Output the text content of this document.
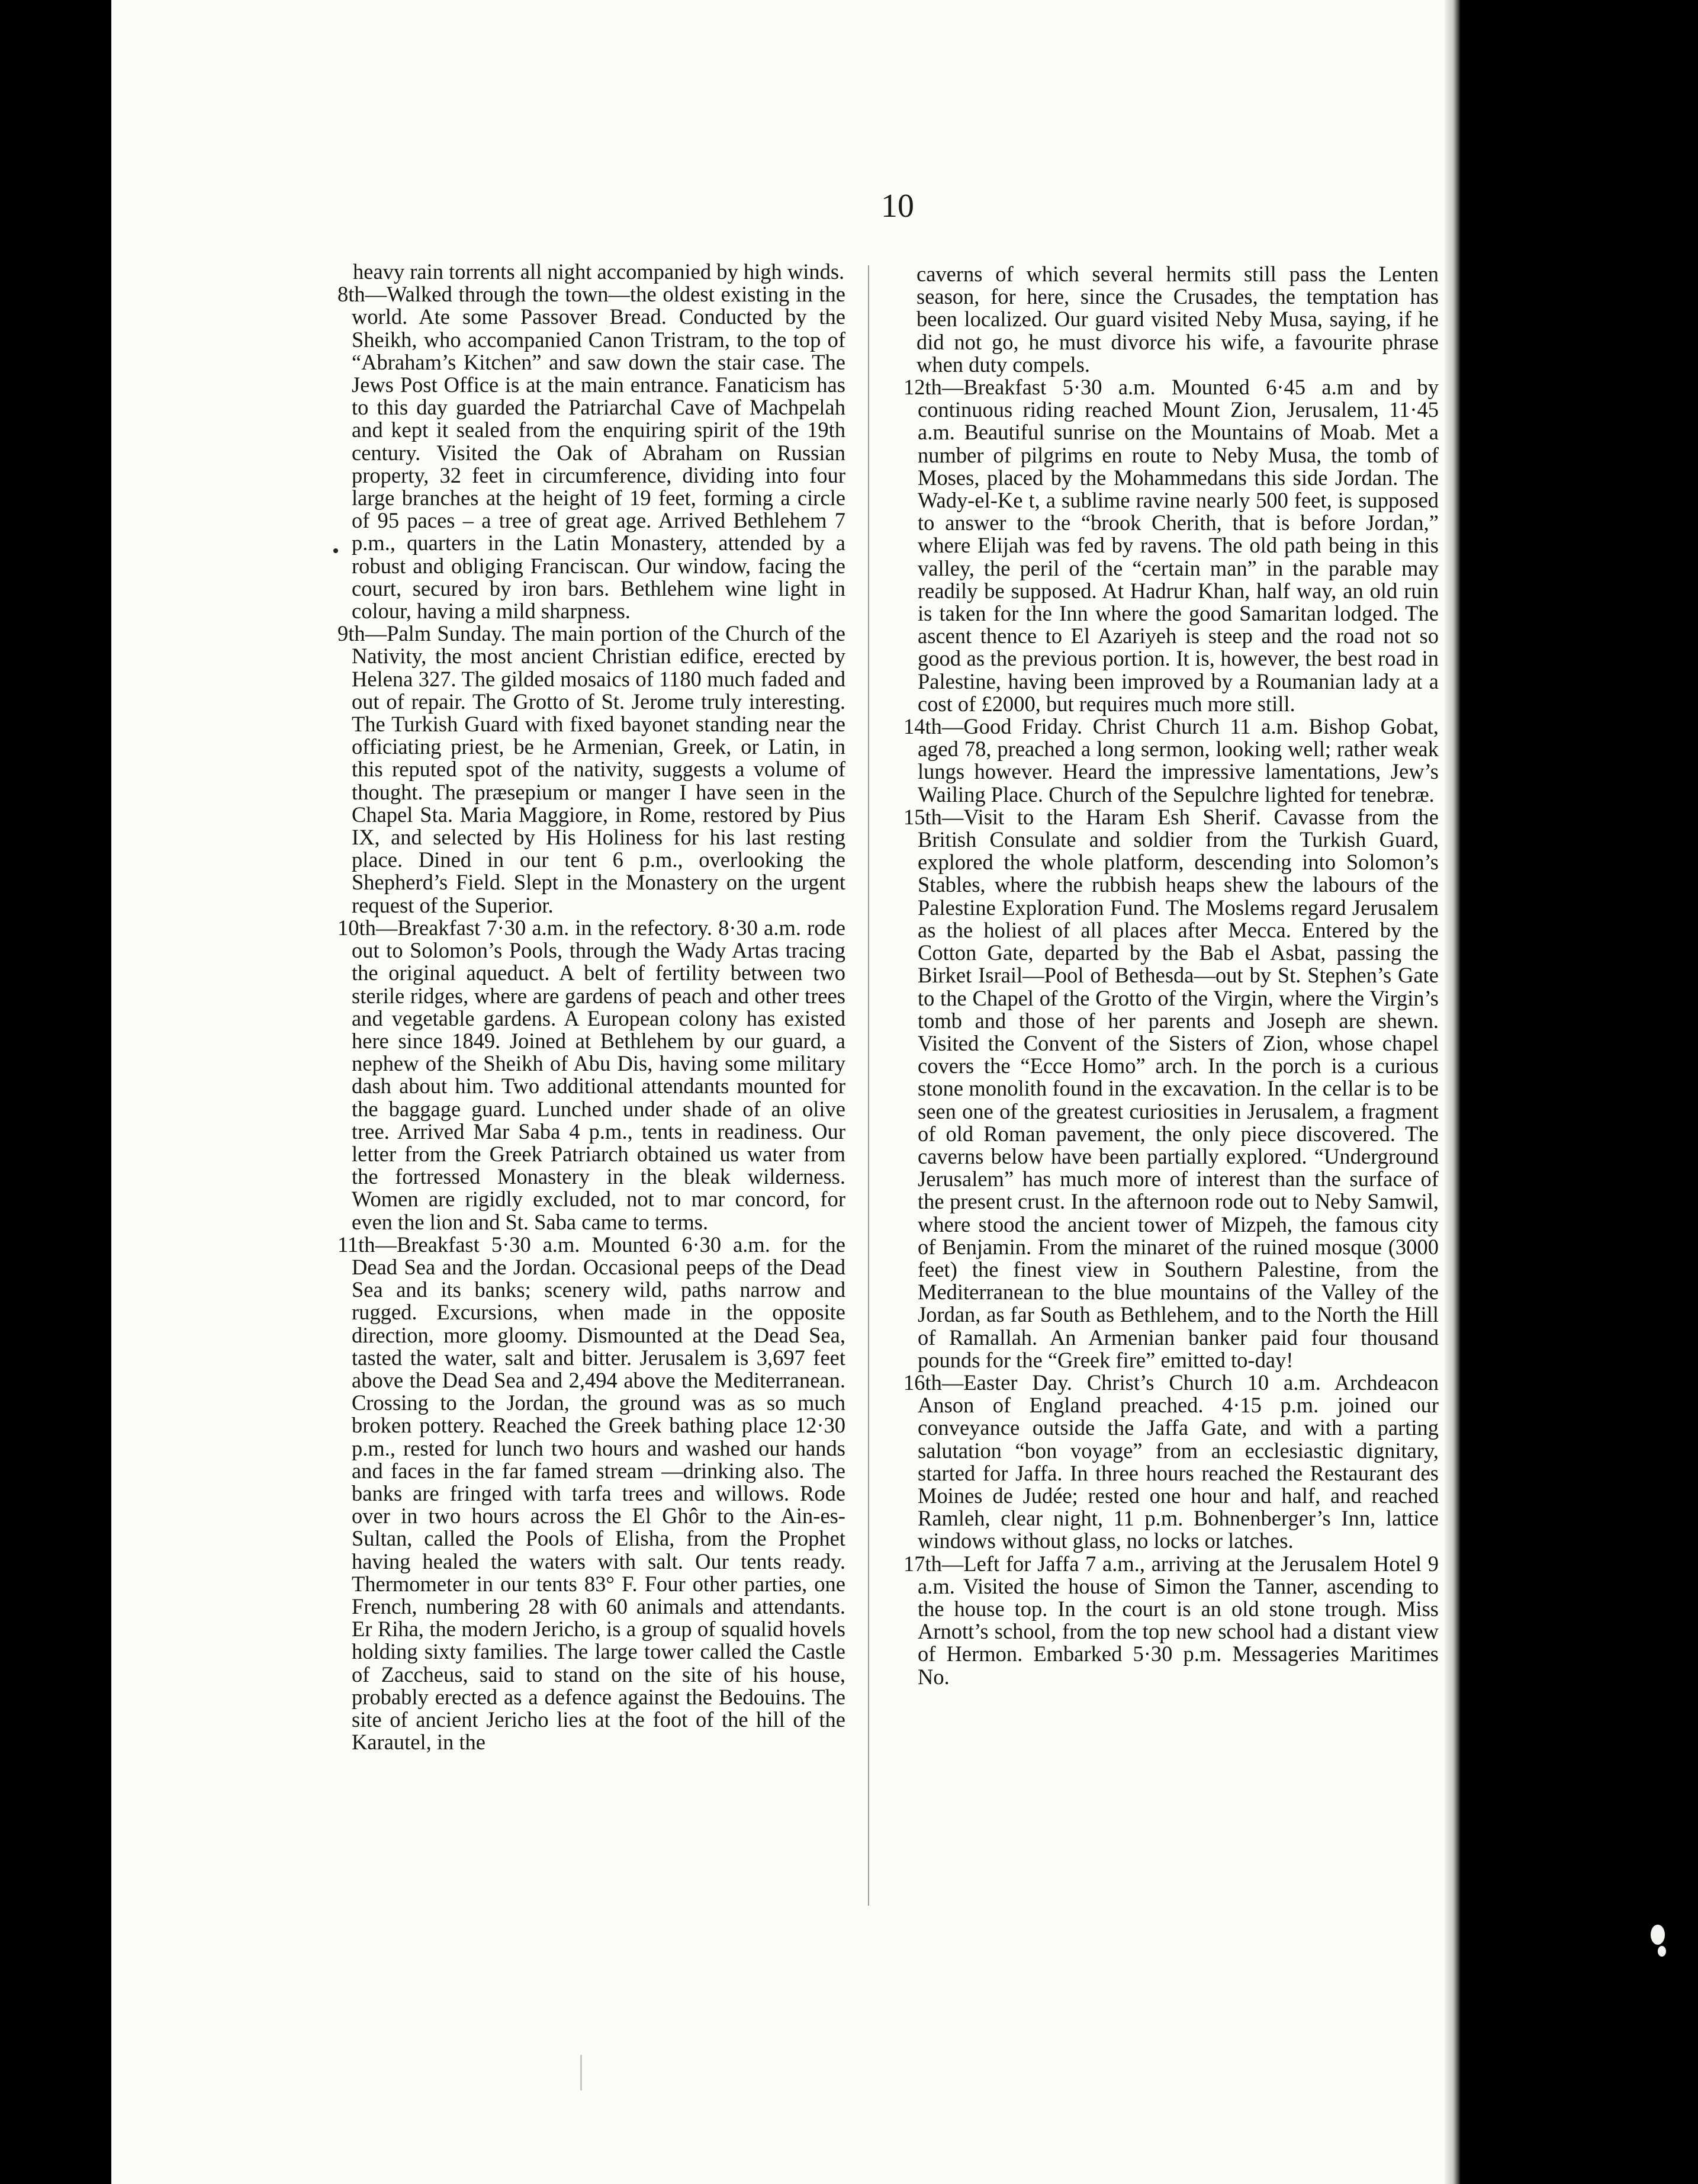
10

heavy rain torrents all night accompanied by high winds.

8th—Walked through the town—the oldest existing in the world. Ate some Passover Bread. Conducted by the Sheikh, who accompanied Canon Tristram, to the top of “Abraham’s Kitchen” and saw down the stair case. The Jews Post Office is at the main entrance. Fanaticism has to this day guarded the Patriarchal Cave of Machpelah and kept it sealed from the enquiring spirit of the 19th century. Visited the Oak of Abraham on Russian property, 32 feet in circumference, dividing into four large branches at the height of 19 feet, forming a circle of 95 paces – a tree of great age. Arrived Bethlehem 7 p.m., quarters in the Latin Monastery, attended by a robust and obliging Franciscan. Our window, facing the court, secured by iron bars. Bethlehem wine light in colour, having a mild sharpness.

9th—Palm Sunday. The main portion of the Church of the Nativity, the most ancient Christian edifice, erected by Helena 327. The gilded mosaics of 1180 much faded and out of repair. The Grotto of St. Jerome truly interesting. The Turkish Guard with fixed bayonet standing near the officiating priest, be he Armenian, Greek, or Latin, in this reputed spot of the nativity, suggests a volume of thought. The præsepium or manger I have seen in the Chapel Sta. Maria Maggiore, in Rome, restored by Pius IX, and selected by His Holiness for his last resting place. Dined in our tent 6 p.m., overlooking the Shepherd’s Field. Slept in the Monastery on the urgent request of the Superior.

10th—Breakfast 7·30 a.m. in the refectory. 8·30 a.m. rode out to Solomon’s Pools, through the Wady Artas tracing the original aqueduct. A belt of fertility between two sterile ridges, where are gardens of peach and other trees and vegetable gardens. A European colony has existed here since 1849. Joined at Bethlehem by our guard, a nephew of the Sheikh of Abu Dis, having some military dash about him. Two additional attendants mounted for the baggage guard. Lunched under shade of an olive tree. Arrived Mar Saba 4 p.m., tents in readiness. Our letter from the Greek Patriarch obtained us water from the fortressed Monastery in the bleak wilderness. Women are rigidly excluded, not to mar concord, for even the lion and St. Saba came to terms.

11th—Breakfast 5·30 a.m. Mounted 6·30 a.m. for the Dead Sea and the Jordan. Occasional peeps of the Dead Sea and its banks; scenery wild, paths narrow and rugged. Excursions, when made in the opposite direction, more gloomy. Dismounted at the Dead Sea, tasted the water, salt and bitter. Jerusalem is 3,697 feet above the Dead Sea and 2,494 above the Mediterranean. Crossing to the Jordan, the ground was as so much broken pottery. Reached the Greek bathing place 12·30 p.m., rested for lunch two hours and washed our hands and faces in the far famed stream —drinking also. The banks are fringed with tarfa trees and willows. Rode over in two hours across the El Ghôr to the Ain-es-Sultan, called the Pools of Elisha, from the Prophet having healed the waters with salt. Our tents ready. Thermometer in our tents 83° F. Four other parties, one French, numbering 28 with 60 animals and attendants. Er Riha, the modern Jericho, is a group of squalid hovels holding sixty families. The large tower called the Castle of Zaccheus, said to stand on the site of his house, probably erected as a defence against the Bedouins. The site of ancient Jericho lies at the foot of the hill of the Karautel, in the

caverns of which several hermits still pass the Lenten season, for here, since the Crusades, the temptation has been localized. Our guard visited Neby Musa, saying, if he did not go, he must divorce his wife, a favourite phrase when duty compels.

12th—Breakfast 5·30 a.m. Mounted 6·45 a.m and by continuous riding reached Mount Zion, Jerusalem, 11·45 a.m. Beautiful sunrise on the Mountains of Moab. Met a number of pilgrims en route to Neby Musa, the tomb of Moses, placed by the Mohammedans this side Jordan. The Wady-el-Ke t, a sublime ravine nearly 500 feet, is supposed to answer to the “brook Cherith, that is before Jordan,” where Elijah was fed by ravens. The old path being in this valley, the peril of the “certain man” in the parable may readily be supposed. At Hadrur Khan, half way, an old ruin is taken for the Inn where the good Samaritan lodged. The ascent thence to El Azariyeh is steep and the road not so good as the previous portion. It is, however, the best road in Palestine, having been improved by a Roumanian lady at a cost of £2000, but requires much more still.

14th—Good Friday. Christ Church 11 a.m. Bishop Gobat, aged 78, preached a long sermon, looking well; rather weak lungs however. Heard the impressive lamentations, Jew’s Wailing Place. Church of the Sepulchre lighted for tenebræ.

15th—Visit to the Haram Esh Sherif. Cavasse from the British Consulate and soldier from the Turkish Guard, explored the whole platform, descending into Solomon’s Stables, where the rubbish heaps shew the labours of the Palestine Exploration Fund. The Moslems regard Jerusalem as the holiest of all places after Mecca. Entered by the Cotton Gate, departed by the Bab el Asbat, passing the Birket Israil—Pool of Bethesda—out by St. Stephen’s Gate to the Chapel of the Grotto of the Virgin, where the Virgin’s tomb and those of her parents and Joseph are shewn. Visited the Convent of the Sisters of Zion, whose chapel covers the “Ecce Homo” arch. In the porch is a curious stone monolith found in the excavation. In the cellar is to be seen one of the greatest curiosities in Jerusalem, a fragment of old Roman pavement, the only piece discovered. The caverns below have been partially explored. “Underground Jerusalem” has much more of interest than the surface of the present crust. In the afternoon rode out to Neby Samwil, where stood the ancient tower of Mizpeh, the famous city of Benjamin. From the minaret of the ruined mosque (3000 feet) the finest view in Southern Palestine, from the Mediterranean to the blue mountains of the Valley of the Jordan, as far South as Bethlehem, and to the North the Hill of Ramallah. An Armenian banker paid four thousand pounds for the “Greek fire” emitted to-day!

16th—Easter Day. Christ’s Church 10 a.m. Archdeacon Anson of England preached. 4·15 p.m. joined our conveyance outside the Jaffa Gate, and with a parting salutation “bon voyage” from an ecclesiastic dignitary, started for Jaffa. In three hours reached the Restaurant des Moines de Judée; rested one hour and half, and reached Ramleh, clear night, 11 p.m. Bohnenberger’s Inn, lattice windows without glass, no locks or latches.

17th—Left for Jaffa 7 a.m., arriving at the Jerusalem Hotel 9 a.m. Visited the house of Simon the Tanner, ascending to the house top. In the court is an old stone trough. Miss Arnott’s school, from the top new school had a distant view of Hermon. Embarked 5·30 p.m. Messageries Maritimes No.
